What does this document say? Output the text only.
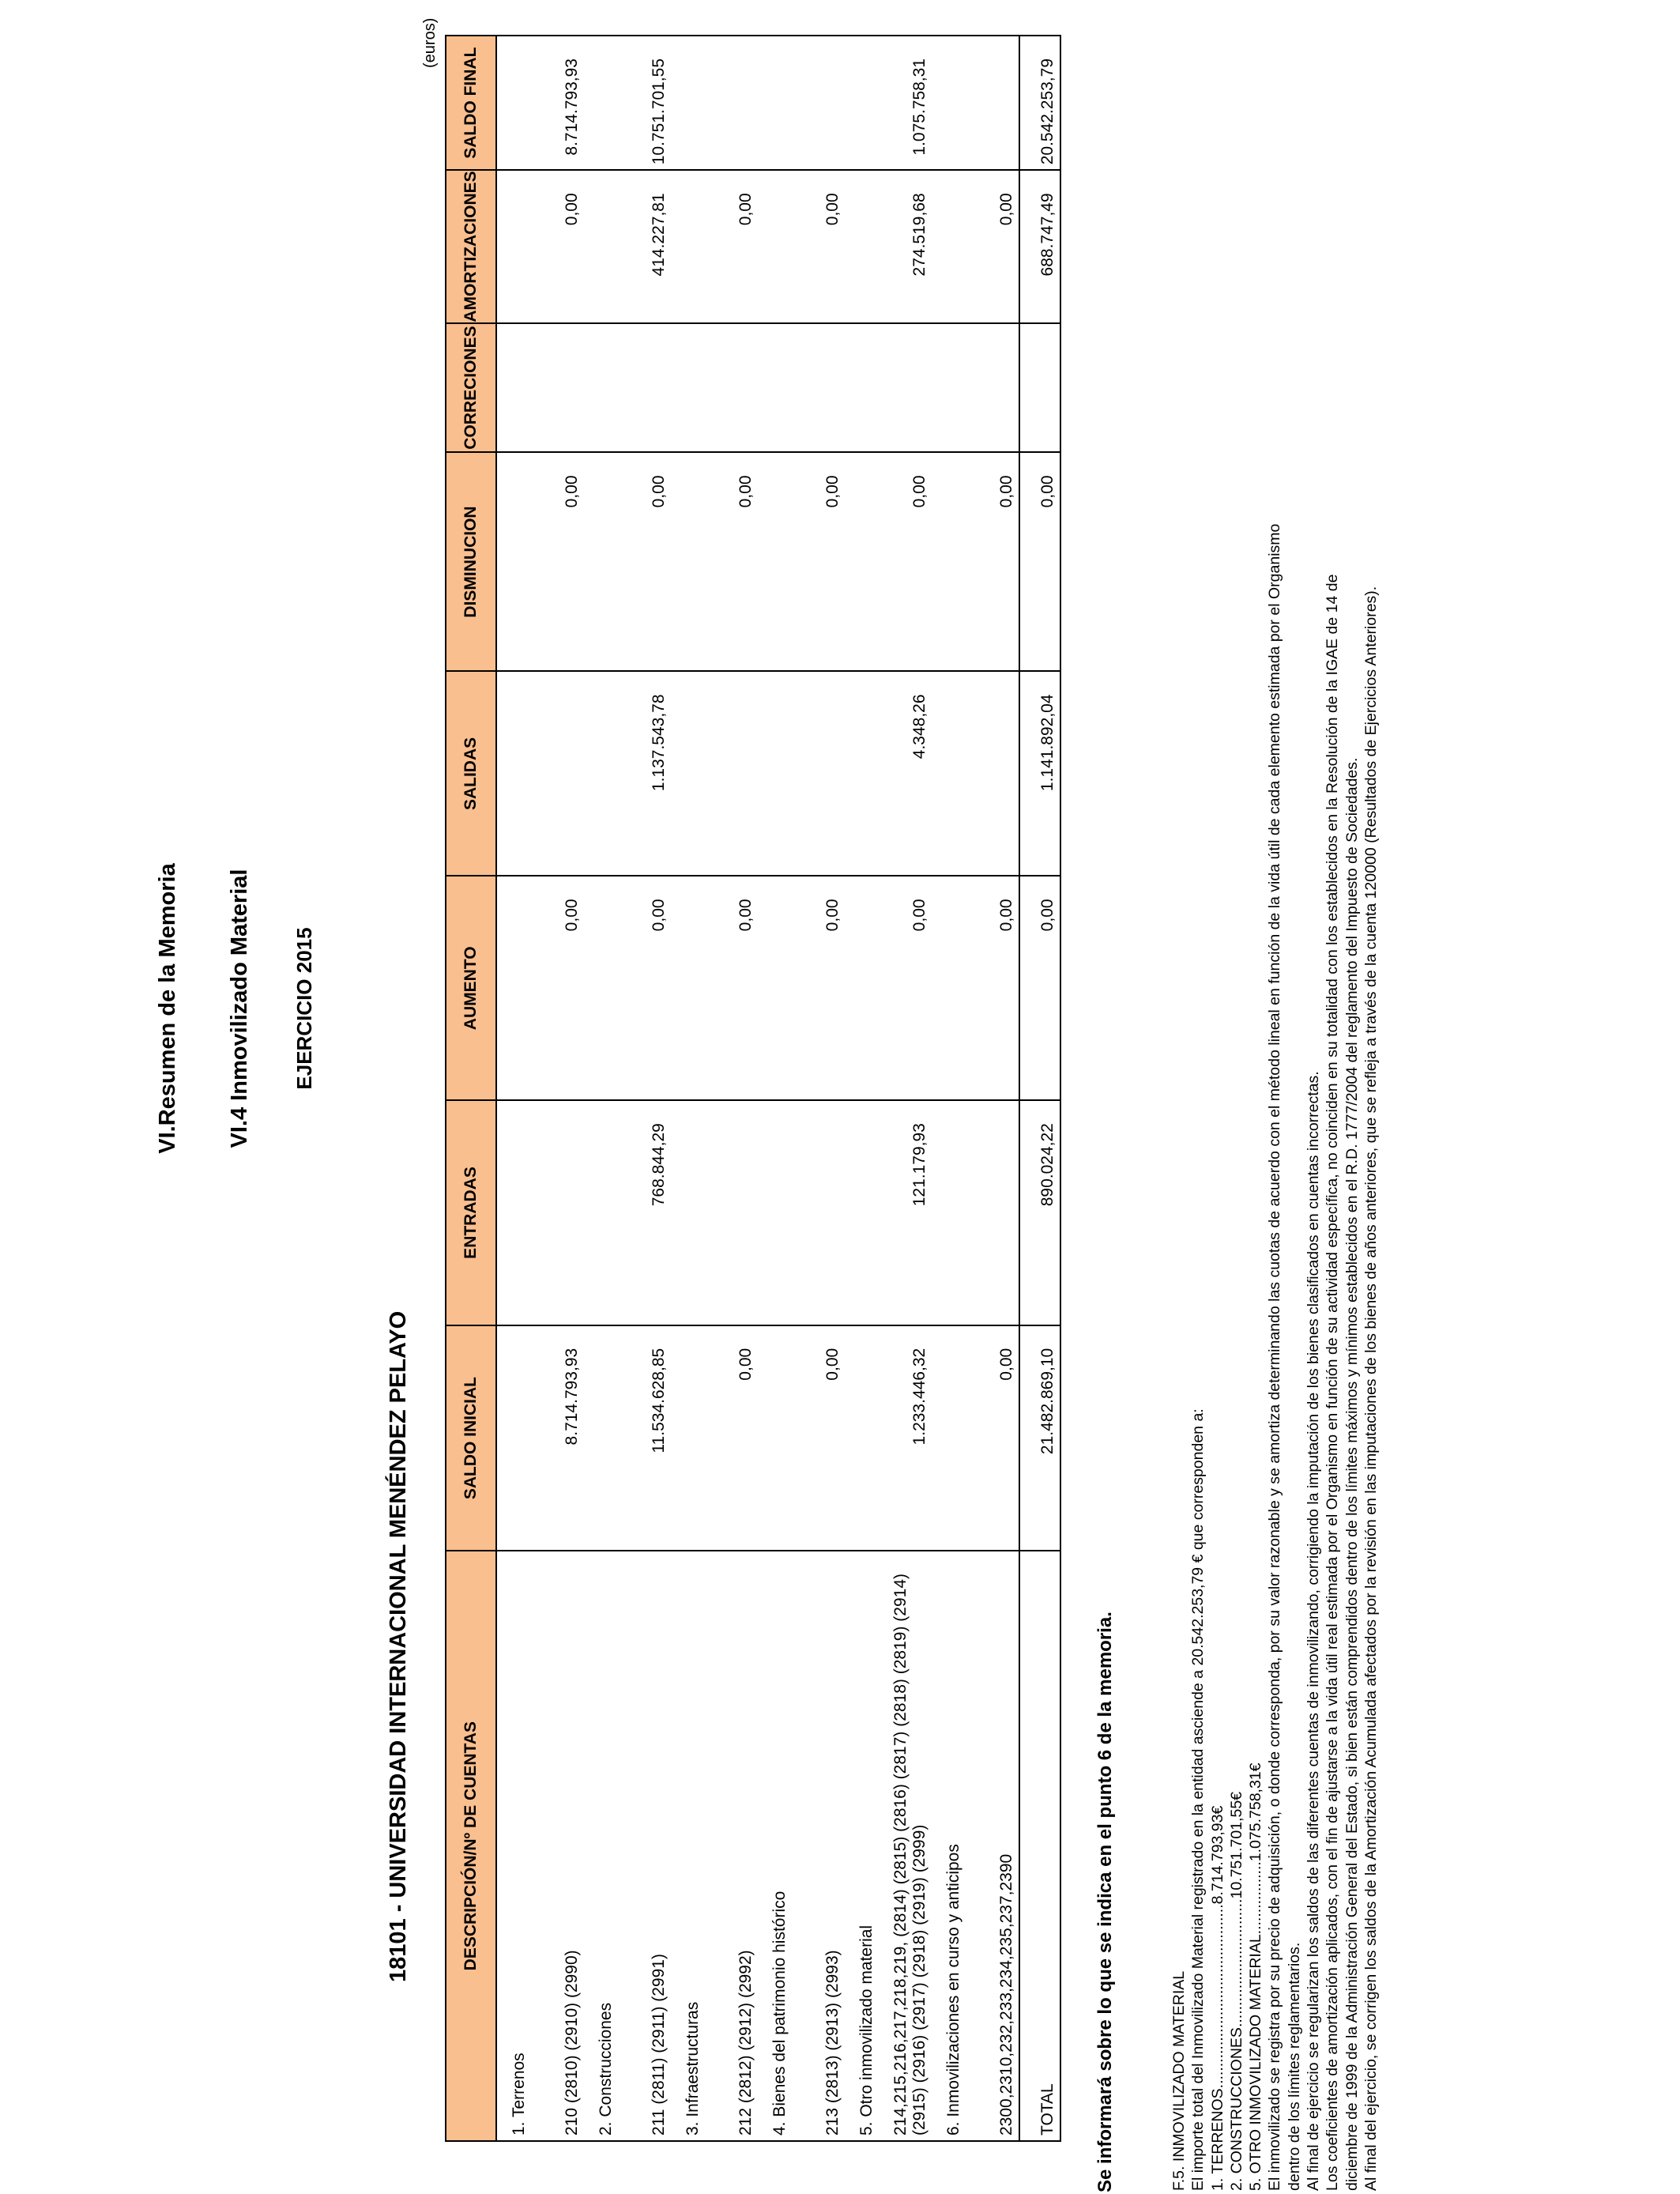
VI.Resumen de la Memoria VI.4 Inmovilizado Material EJERCICIO 2015
18101 - UNIVERSIDAD INTERNACIONAL MENÉNDEZ PELAYO
(euros)
DESCRIPCIÓN/Nº DE CUENTAS	SALDO INICIAL	ENTRADAS	AUMENTO	SALIDAS	DISMINUCION	CORRECIONES	AMORTIZACIONES	SALDO FINAL
1. Terrenos								
210 (2810) (2910) (2990)	8.714.793,93		0,00		0,00		0,00	8.714.793,93
2. Construcciones								
211 (2811) (2911) (2991)	11.534.628,85	768.844,29	0,00	1.137.543,78	0,00		414.227,81	10.751.701,55
3. Infraestructuras								
212 (2812) (2912) (2992)	0,00		0,00		0,00		0,00	
4. Bienes del patrimonio histórico								
213 (2813) (2913) (2993)	0,00		0,00		0,00		0,00	
5. Otro inmovilizado material								
214,215,216,217,218,219, (2814) (2815) (2816) (2817) (2818) (2819) (2914) (2915) (2916) (2917) (2918) (2919) (2999)	1.233.446,32	121.179,93	0,00	4.348,26	0,00		274.519,68	1.075.758,31
6. Inmovilizaciones en curso y anticipos								
2300,2310,232,233,234,235,237,2390	0,00		0,00		0,00		0,00	
TOTAL	21.482.869,10	890.024,22	0,00	1.141.892,04	0,00		688.747,49	20.542.253,79
Se informará sobre lo que se indica en el punto 6 de la memoria.	F.5. INMOVILIZADO MATERIAL El importe total del Inmovilizado Material registrado en la entidad asciende a 20.542.253,79 € que corresponden a: 1. TERRENOS...........................................8.714.793,93€ 2. CONSTRUCCIONES..............................10.751.701,55€ 5. OTRO INMOVILIZADO MATERIAL.................1.075.758,31€ El inmovilizado se registra por su precio de adquisición, o donde corresponda, por su valor razonable y se amortiza determinando las cuotas de acuerdo con el método lineal en función de la vida útil de cada elemento estimada por el Organismo dentro de los límites reglamentarios. Al final de ejercicio se regularizan los saldos de las diferentes cuentas de inmovilizando, corrigiendo la imputación de los bienes clasificados en cuentas incorrectas. Los coeficientes de amortización aplicados, con el fin de ajustarse a la vida útil real estimada por el Organismo en función de su actividad específica, no coinciden en su totalidad con los establecidos en la Resolución de la IGAE de 14 de diciembre de 1999 de la Administración General del Estado, si bien están comprendidos dentro de los límites máximos y mínimos establecidos en el R.D. 1777/2004 del reglamento del Impuesto de Sociedades. Al final del ejercicio, se corrigen los saldos de la Amortización Acumulada afectados por la revisión en las imputaciones de los bienes de años anteriores, que se refleja a través de la cuenta 120000 (Resultados de Ejercicios Anteriores).
